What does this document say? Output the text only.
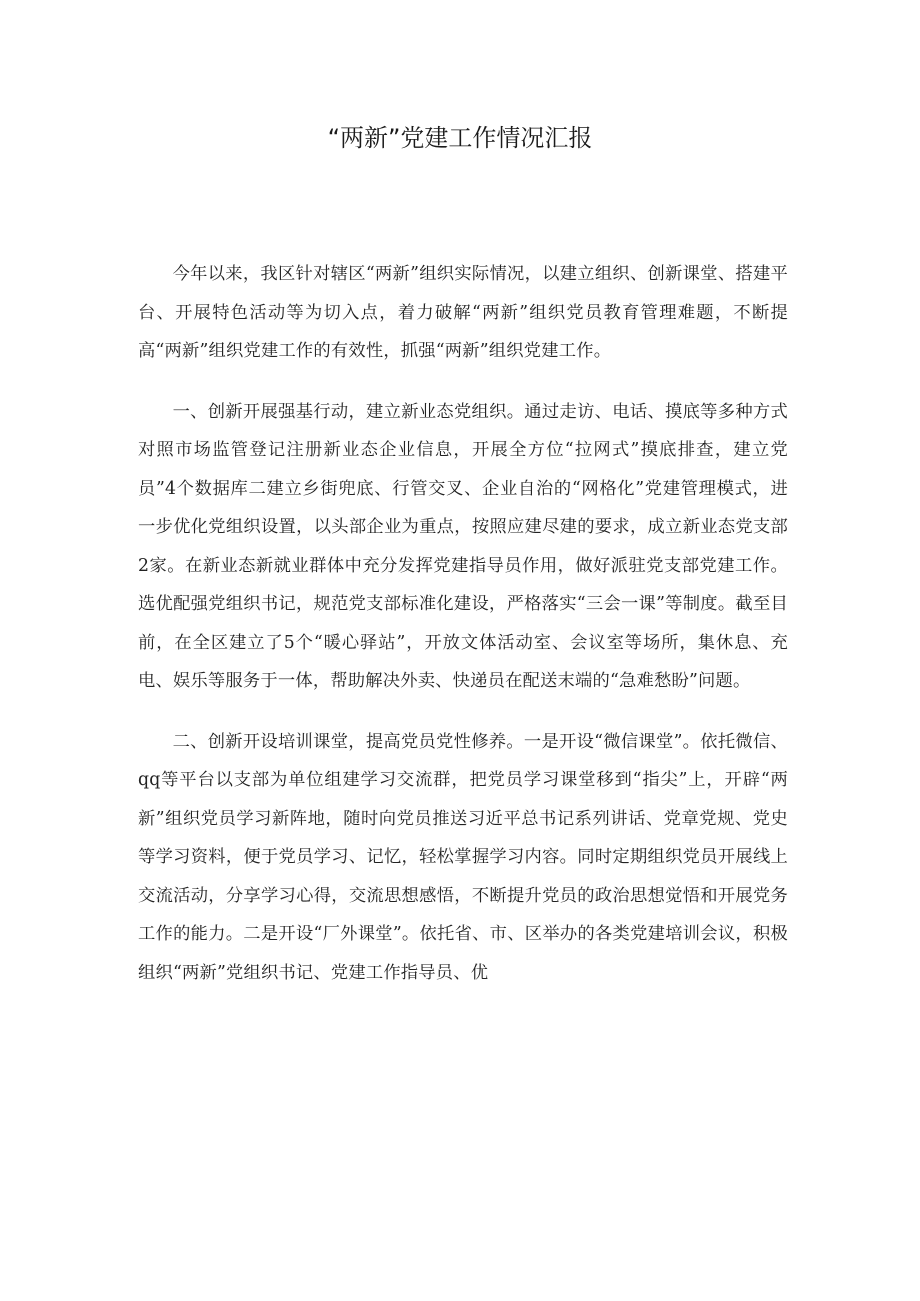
“两新”党建工作情况汇报

今年以来，我区针对辖区“两新”组织实际情况，以建立组织、创新课堂、搭建平台、开展特色活动等为切入点，着力破解“两新”组织党员教育管理难题，不断提高“两新”组织党建工作的有效性，抓强“两新”组织党建工作。

一、创新开展强基行动，建立新业态党组织。通过走访、电话、摸底等多种方式对照市场监管登记注册新业态企业信息，开展全方位“拉网式”摸底排查，建立党员”4个数据库二建立乡街兜底、行管交叉、企业自治的“网格化”党建管理模式，进一步优化党组织设置，以头部企业为重点，按照应建尽建的要求，成立新业态党支部2家。在新业态新就业群体中充分发挥党建指导员作用，做好派驻党支部党建工作。选优配强党组织书记，规范党支部标准化建设，严格落实“三会一课”等制度。截至目前，在全区建立了5个“暖心驿站”，开放文体活动室、会议室等场所，集休息、充电、娱乐等服务于一体，帮助解决外卖、快递员在配送末端的“急难愁盼”问题。

二、创新开设培训课堂，提高党员党性修养。一是开设“微信课堂”。依托微信、qq等平台以支部为单位组建学习交流群，把党员学习课堂移到“指尖”上，开辟“两新”组织党员学习新阵地，随时向党员推送习近平总书记系列讲话、党章党规、党史等学习资料，便于党员学习、记忆，轻松掌握学习内容。同时定期组织党员开展线上交流活动，分享学习心得，交流思想感悟，不断提升党员的政治思想觉悟和开展党务工作的能力。二是开设“厂外课堂”。依托省、市、区举办的各类党建培训会议，积极组织“两新”党组织书记、党建工作指导员、优
